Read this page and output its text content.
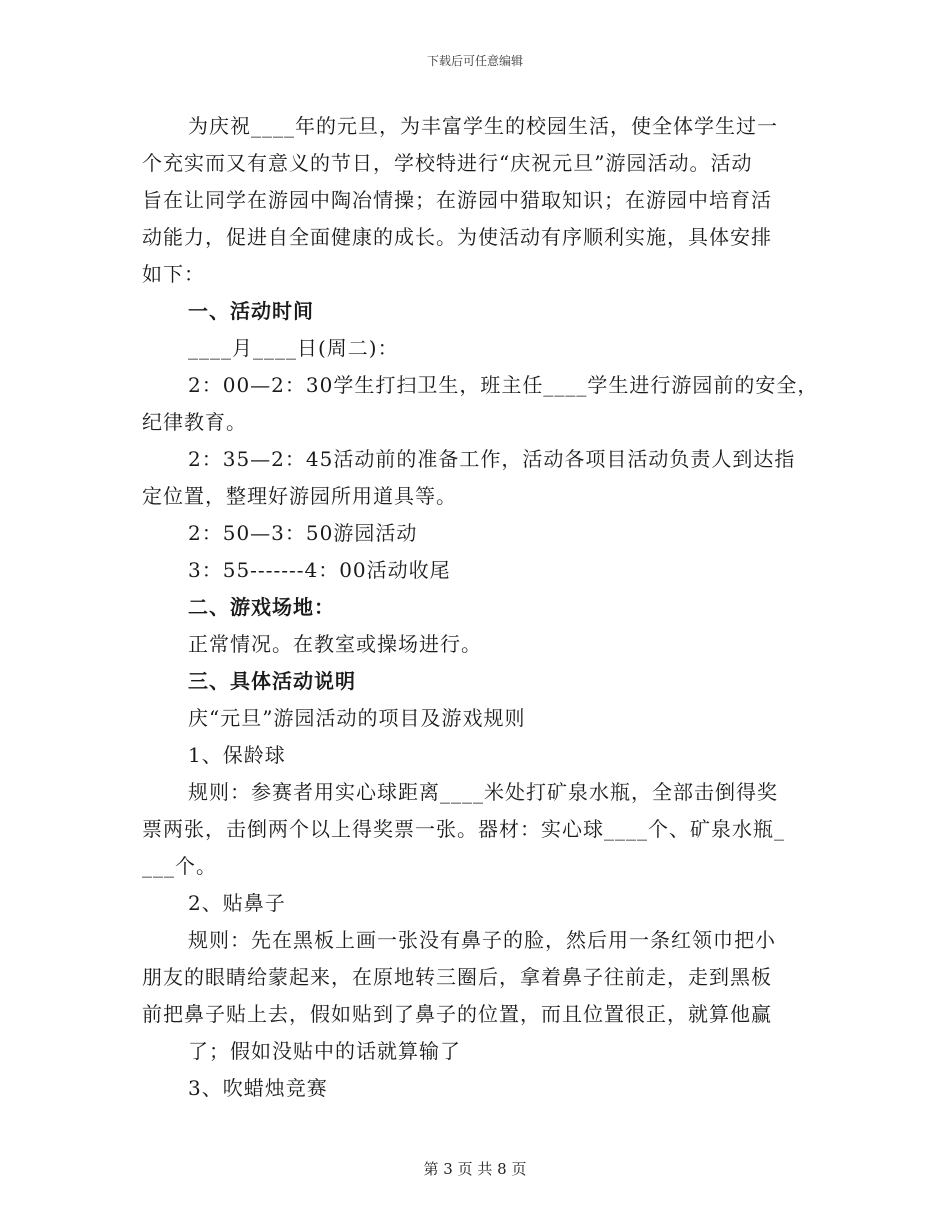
下载后可任意编辑

为庆祝____年的元旦，为丰富学生的校园生活，使全体学生过一

个充实而又有意义的节日，学校特进行“庆祝元旦”游园活动。活动

旨在让同学在游园中陶冶情操；在游园中猎取知识；在游园中培育活

动能力，促进自全面健康的成长。为使活动有序顺利实施，具体安排

如下：

一、活动时间

____月____日(周二)：

2：00—2：30学生打扫卫生，班主任____学生进行游园前的安全，

纪律教育。

2：35—2：45活动前的准备工作，活动各项目活动负责人到达指

定位置，整理好游园所用道具等。

2：50—3：50游园活动

3：55-------4：00活动收尾

二、游戏场地：

正常情况。在教室或操场进行。

三、具体活动说明

庆“元旦”游园活动的项目及游戏规则

1、保龄球

规则：参赛者用实心球距离____米处打矿泉水瓶，全部击倒得奖

票两张，击倒两个以上得奖票一张。器材：实心球____个、矿泉水瓶_

___个。

2、贴鼻子

规则：先在黑板上画一张没有鼻子的脸，然后用一条红领巾把小

朋友的眼睛给蒙起来，在原地转三圈后，拿着鼻子往前走，走到黑板

前把鼻子贴上去，假如贴到了鼻子的位置，而且位置很正，就算他赢

了；假如没贴中的话就算输了

3、吹蜡烛竞赛

第 3 页 共 8 页
